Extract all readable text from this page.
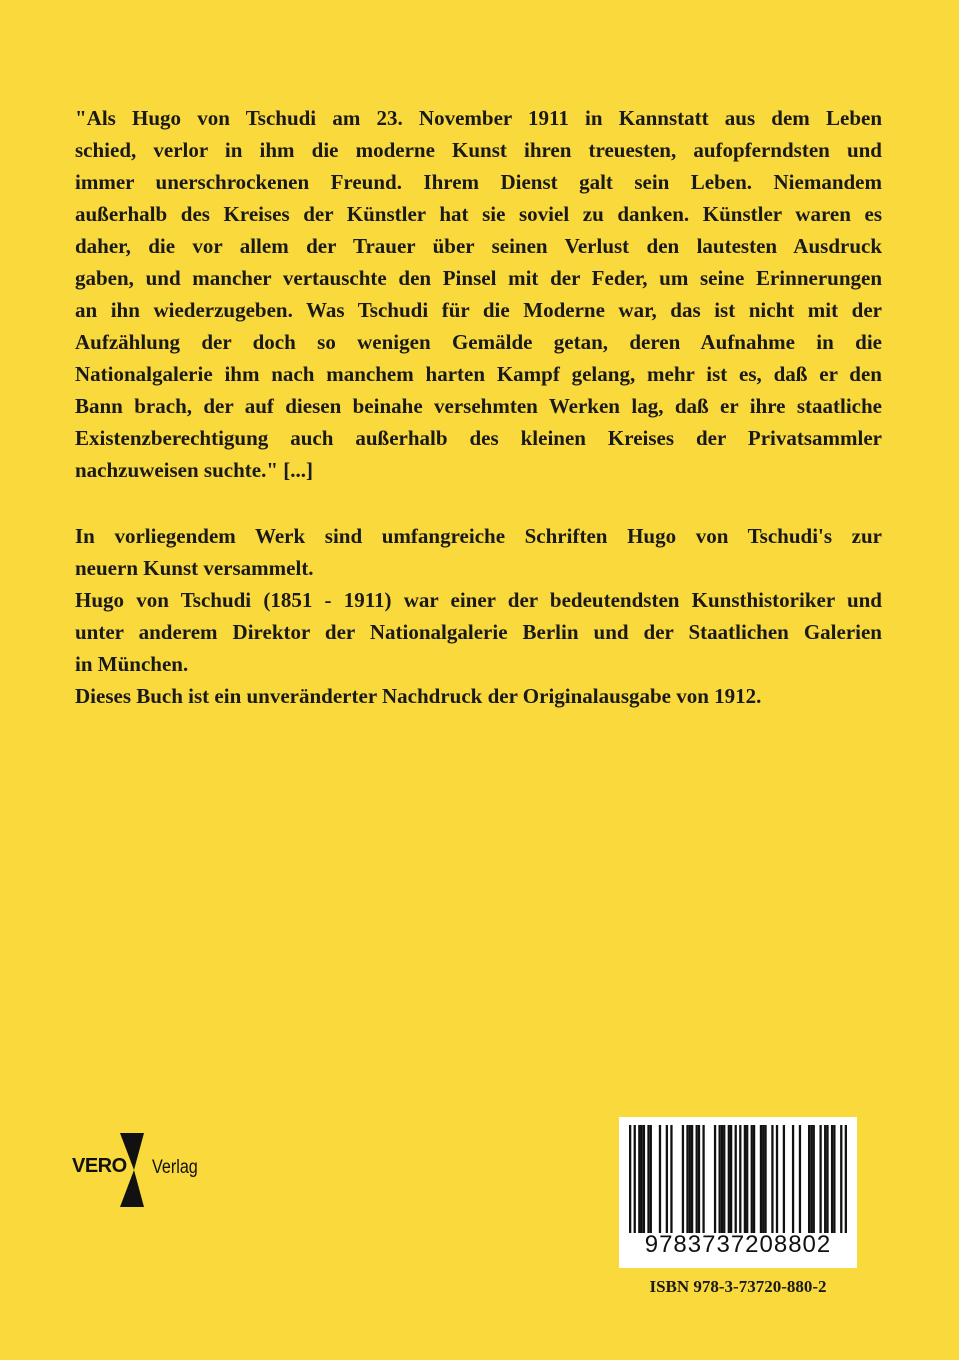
"Als Hugo von Tschudi am 23. November 1911 in Kannstatt aus dem Leben
schied, verlor in ihm die moderne Kunst ihren treuesten, aufopferndsten und
immer unerschrockenen Freund. Ihrem Dienst galt sein Leben. Niemandem
außerhalb des Kreises der Künstler hat sie soviel zu danken. Künstler waren es
daher, die vor allem der Trauer über seinen Verlust den lautesten Ausdruck
gaben, und mancher vertauschte den Pinsel mit der Feder, um seine Erinnerungen
an ihn wiederzugeben. Was Tschudi für die Moderne war, das ist nicht mit der
Aufzählung der doch so wenigen Gemälde getan, deren Aufnahme in die
Nationalgalerie ihm nach manchem harten Kampf gelang, mehr ist es, daß er den
Bann brach, der auf diesen beinahe versehmten Werken lag, daß er ihre staatliche
Existenzberechtigung auch außerhalb des kleinen Kreises der Privatsammler
nachzuweisen suchte." [...]
In vorliegendem Werk sind umfangreiche Schriften Hugo von Tschudi's zur
neuern Kunst versammelt.
Hugo von Tschudi (1851 - 1911) war einer der bedeutendsten Kunsthistoriker und
unter anderem Direktor der Nationalgalerie Berlin und der Staatlichen Galerien
in München.
Dieses Buch ist ein unveränderter Nachdruck der Originalausgabe von 1912.
VERO Verlag
9783737208802
ISBN 978-3-73720-880-2
